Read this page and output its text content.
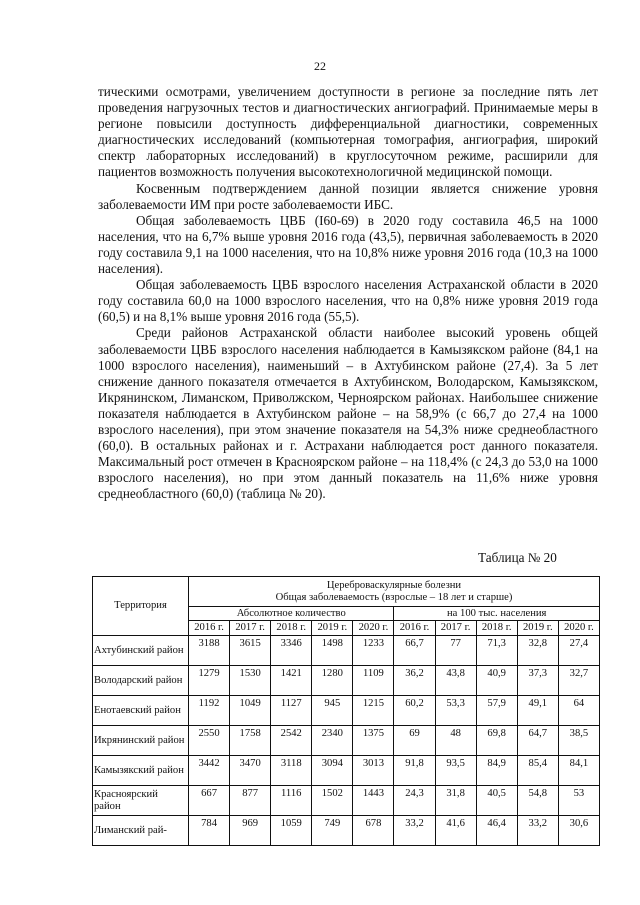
22

тическими осмотрами, увеличением доступности в регионе за последние пять лет проведения нагрузочных тестов и диагностических ангиографий. Принимаемые меры в регионе повысили доступность дифференциальной диагностики, современных диагностических исследований (компьютерная томография, ангиография, широкий спектр лабораторных исследований) в круглосуточном режиме, расширили для пациентов возможность получения высокотехнологичной медицинской помощи.

Косвенным подтверждением данной позиции является снижение уровня заболеваемости ИМ при росте заболеваемости ИБС.

Общая заболеваемость ЦВБ (I60-69) в 2020 году составила 46,5 на 1000 населения, что на 6,7% выше уровня 2016 года (43,5), первичная заболеваемость в 2020 году составила 9,1 на 1000 населения, что на 10,8% ниже уровня 2016 года (10,3 на 1000 населения).

Общая заболеваемость ЦВБ взрослого населения Астраханской области в 2020 году составила 60,0 на 1000 взрослого населения, что на 0,8% ниже уровня 2019 года (60,5) и на 8,1% выше уровня 2016 года (55,5).

Среди районов Астраханской области наиболее высокий уровень общей заболеваемости ЦВБ взрослого населения наблюдается в Камызякском районе (84,1 на 1000 взрослого населения), наименьший – в Ахтубинском районе (27,4). За 5 лет снижение данного показателя отмечается в Ахтубинском, Володарском, Камызякском, Икрянинском, Лиманском, Приволжском, Черноярском районах. Наибольшее снижение показателя наблюдается в Ахтубинском районе – на 58,9% (с 66,7 до 27,4 на 1000 взрослого населения), при этом значение показателя на 54,3% ниже среднеобластного (60,0). В остальных районах и г. Астрахани наблюдается рост данного показателя. Максимальный рост отмечен в Красноярском районе – на 118,4% (с 24,3 до 53,0 на 1000 взрослого населения), но при этом данный показатель на 11,6% ниже уровня среднеобластного (60,0) (таблица № 20).

Таблица № 20
Территория	Цереброваскулярные болезни
Общая заболеваемость (взрослые – 18 лет и старше)									

	Абсолютное количество					на 100 тыс. населения				
	2016 г.	2017 г.	2018 г.	2019 г.	2020 г.	2016 г.	2017 г.	2018 г.	2019 г.	2020 г.
Ахтубинский район	3188	3615	3346	1498	1233	66,7	77	71,3	32,8	27,4
Володарский район	1279	1530	1421	1280	1109	36,2	43,8	40,9	37,3	32,7
Енотаевский район	1192	1049	1127	945	1215	60,2	53,3	57,9	49,1	64
Икрянинский район	2550	1758	2542	2340	1375	69	48	69,8	64,7	38,5
Камызякский район	3442	3470	3118	3094	3013	91,8	93,5	84,9	85,4	84,1
Красноярский район	667	877	1116	1502	1443	24,3	31,8	40,5	54,8	53
Лиманский рай-	784	969	1059	749	678	33,2	41,6	46,4	33,2	30,6
